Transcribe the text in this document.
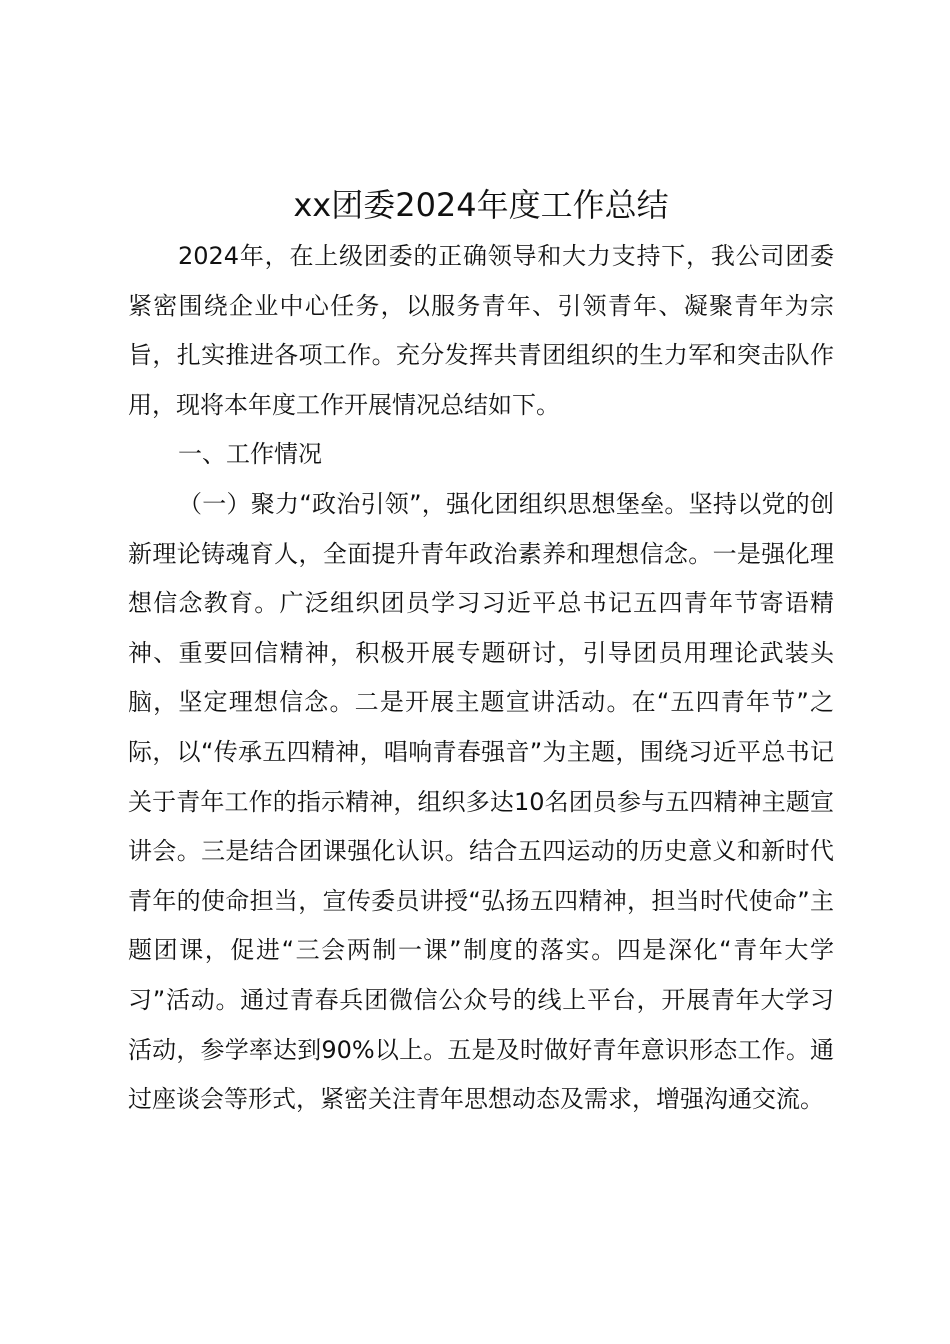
xx团委2024年度工作总结

2024年，在上级团委的正确领导和大力支持下，我公司团委紧密围绕企业中心任务，以服务青年、引领青年、凝聚青年为宗旨，扎实推进各项工作。充分发挥共青团组织的生力军和突击队作用，现将本年度工作开展情况总结如下。

一、工作情况

（一）聚力“政治引领”，强化团组织思想堡垒。坚持以党的创新理论铸魂育人，全面提升青年政治素养和理想信念。一是强化理想信念教育。广泛组织团员学习习近平总书记五四青年节寄语精神、重要回信精神，积极开展专题研讨，引导团员用理论武装头脑，坚定理想信念。二是开展主题宣讲活动。在“五四青年节”之际，以“传承五四精神，唱响青春强音”为主题，围绕习近平总书记关于青年工作的指示精神，组织多达10名团员参与五四精神主题宣讲会。三是结合团课强化认识。结合五四运动的历史意义和新时代青年的使命担当，宣传委员讲授“弘扬五四精神，担当时代使命”主题团课，促进“三会两制一课”制度的落实。四是深化“青年大学习”活动。通过青春兵团微信公众号的线上平台，开展青年大学习活动，参学率达到90%以上。五是及时做好青年意识形态工作。通过座谈会等形式，紧密关注青年思想动态及需求，增强沟通交流。
